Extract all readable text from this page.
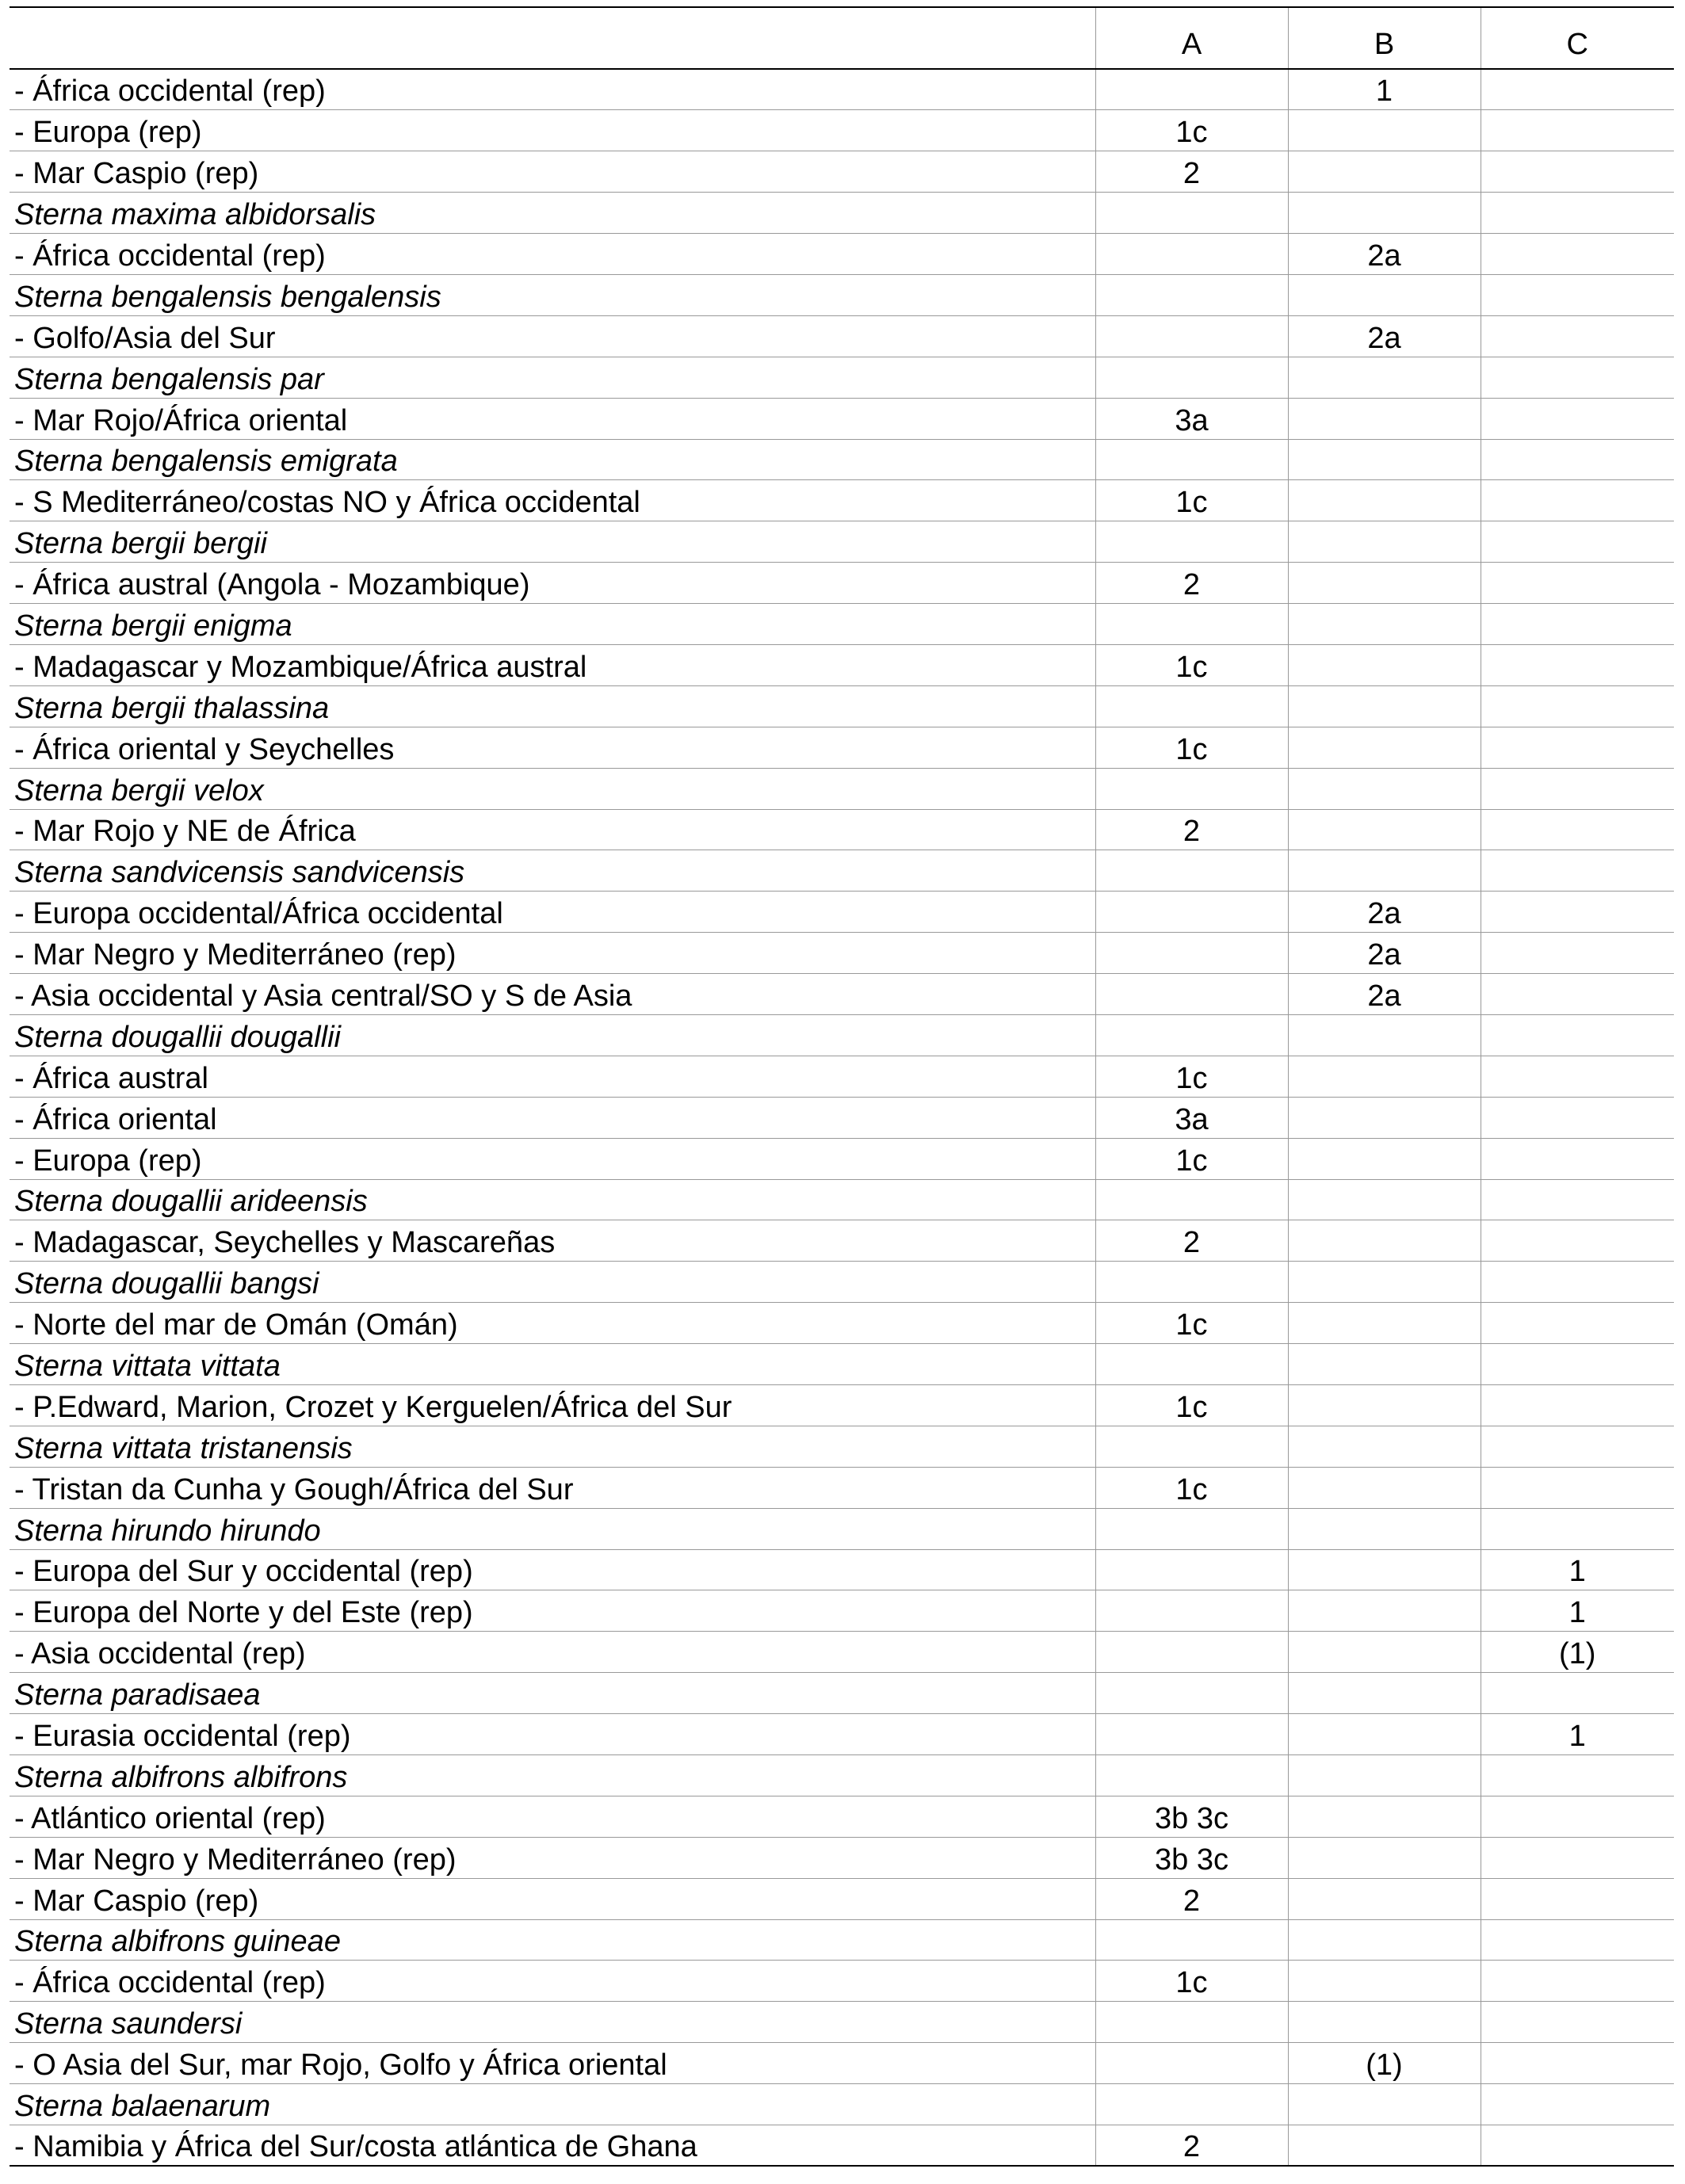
	A	B	C
- África occidental (rep)		1	
- Europa (rep)	1c		
- Mar Caspio (rep)	2		
Sterna maxima albidorsalis			
- África occidental (rep)		2a	
Sterna bengalensis bengalensis			
- Golfo/Asia del Sur		2a	
Sterna bengalensis par			
- Mar Rojo/África oriental	3a		
Sterna bengalensis emigrata			
- S Mediterráneo/costas NO y África occidental	1c		
Sterna bergii bergii			
- África austral (Angola - Mozambique)	2		
Sterna bergii enigma			
- Madagascar y Mozambique/África austral	1c		
Sterna bergii thalassina			
- África oriental y Seychelles	1c		
Sterna bergii velox			
- Mar Rojo y NE de África	2		
Sterna sandvicensis sandvicensis			
- Europa occidental/África occidental		2a	
- Mar Negro y Mediterráneo (rep)		2a	
- Asia occidental y Asia central/SO y S de Asia		2a	
Sterna dougallii dougallii			
- África austral	1c		
- África oriental	3a		
- Europa (rep)	1c		
Sterna dougallii arideensis			
- Madagascar, Seychelles y Mascareñas	2		
Sterna dougallii bangsi			
- Norte del mar de Omán (Omán)	1c		
Sterna vittata vittata			
- P.Edward, Marion, Crozet y Kerguelen/África del Sur	1c		
Sterna vittata tristanensis			
- Tristan da Cunha y Gough/África del Sur	1c		
Sterna hirundo hirundo			
- Europa del Sur y occidental (rep)			1
- Europa del Norte y del Este (rep)			1
- Asia occidental (rep)			(1)
Sterna paradisaea			
- Eurasia occidental (rep)			1
Sterna albifrons albifrons			
- Atlántico oriental (rep)	3b 3c		
- Mar Negro y Mediterráneo (rep)	3b 3c		
- Mar Caspio (rep)	2		
Sterna albifrons guineae			
- África occidental (rep)	1c		
Sterna saundersi			
- O Asia del Sur, mar Rojo, Golfo y África oriental		(1)	
Sterna balaenarum			
- Namibia y África del Sur/costa atlántica de Ghana	2		
